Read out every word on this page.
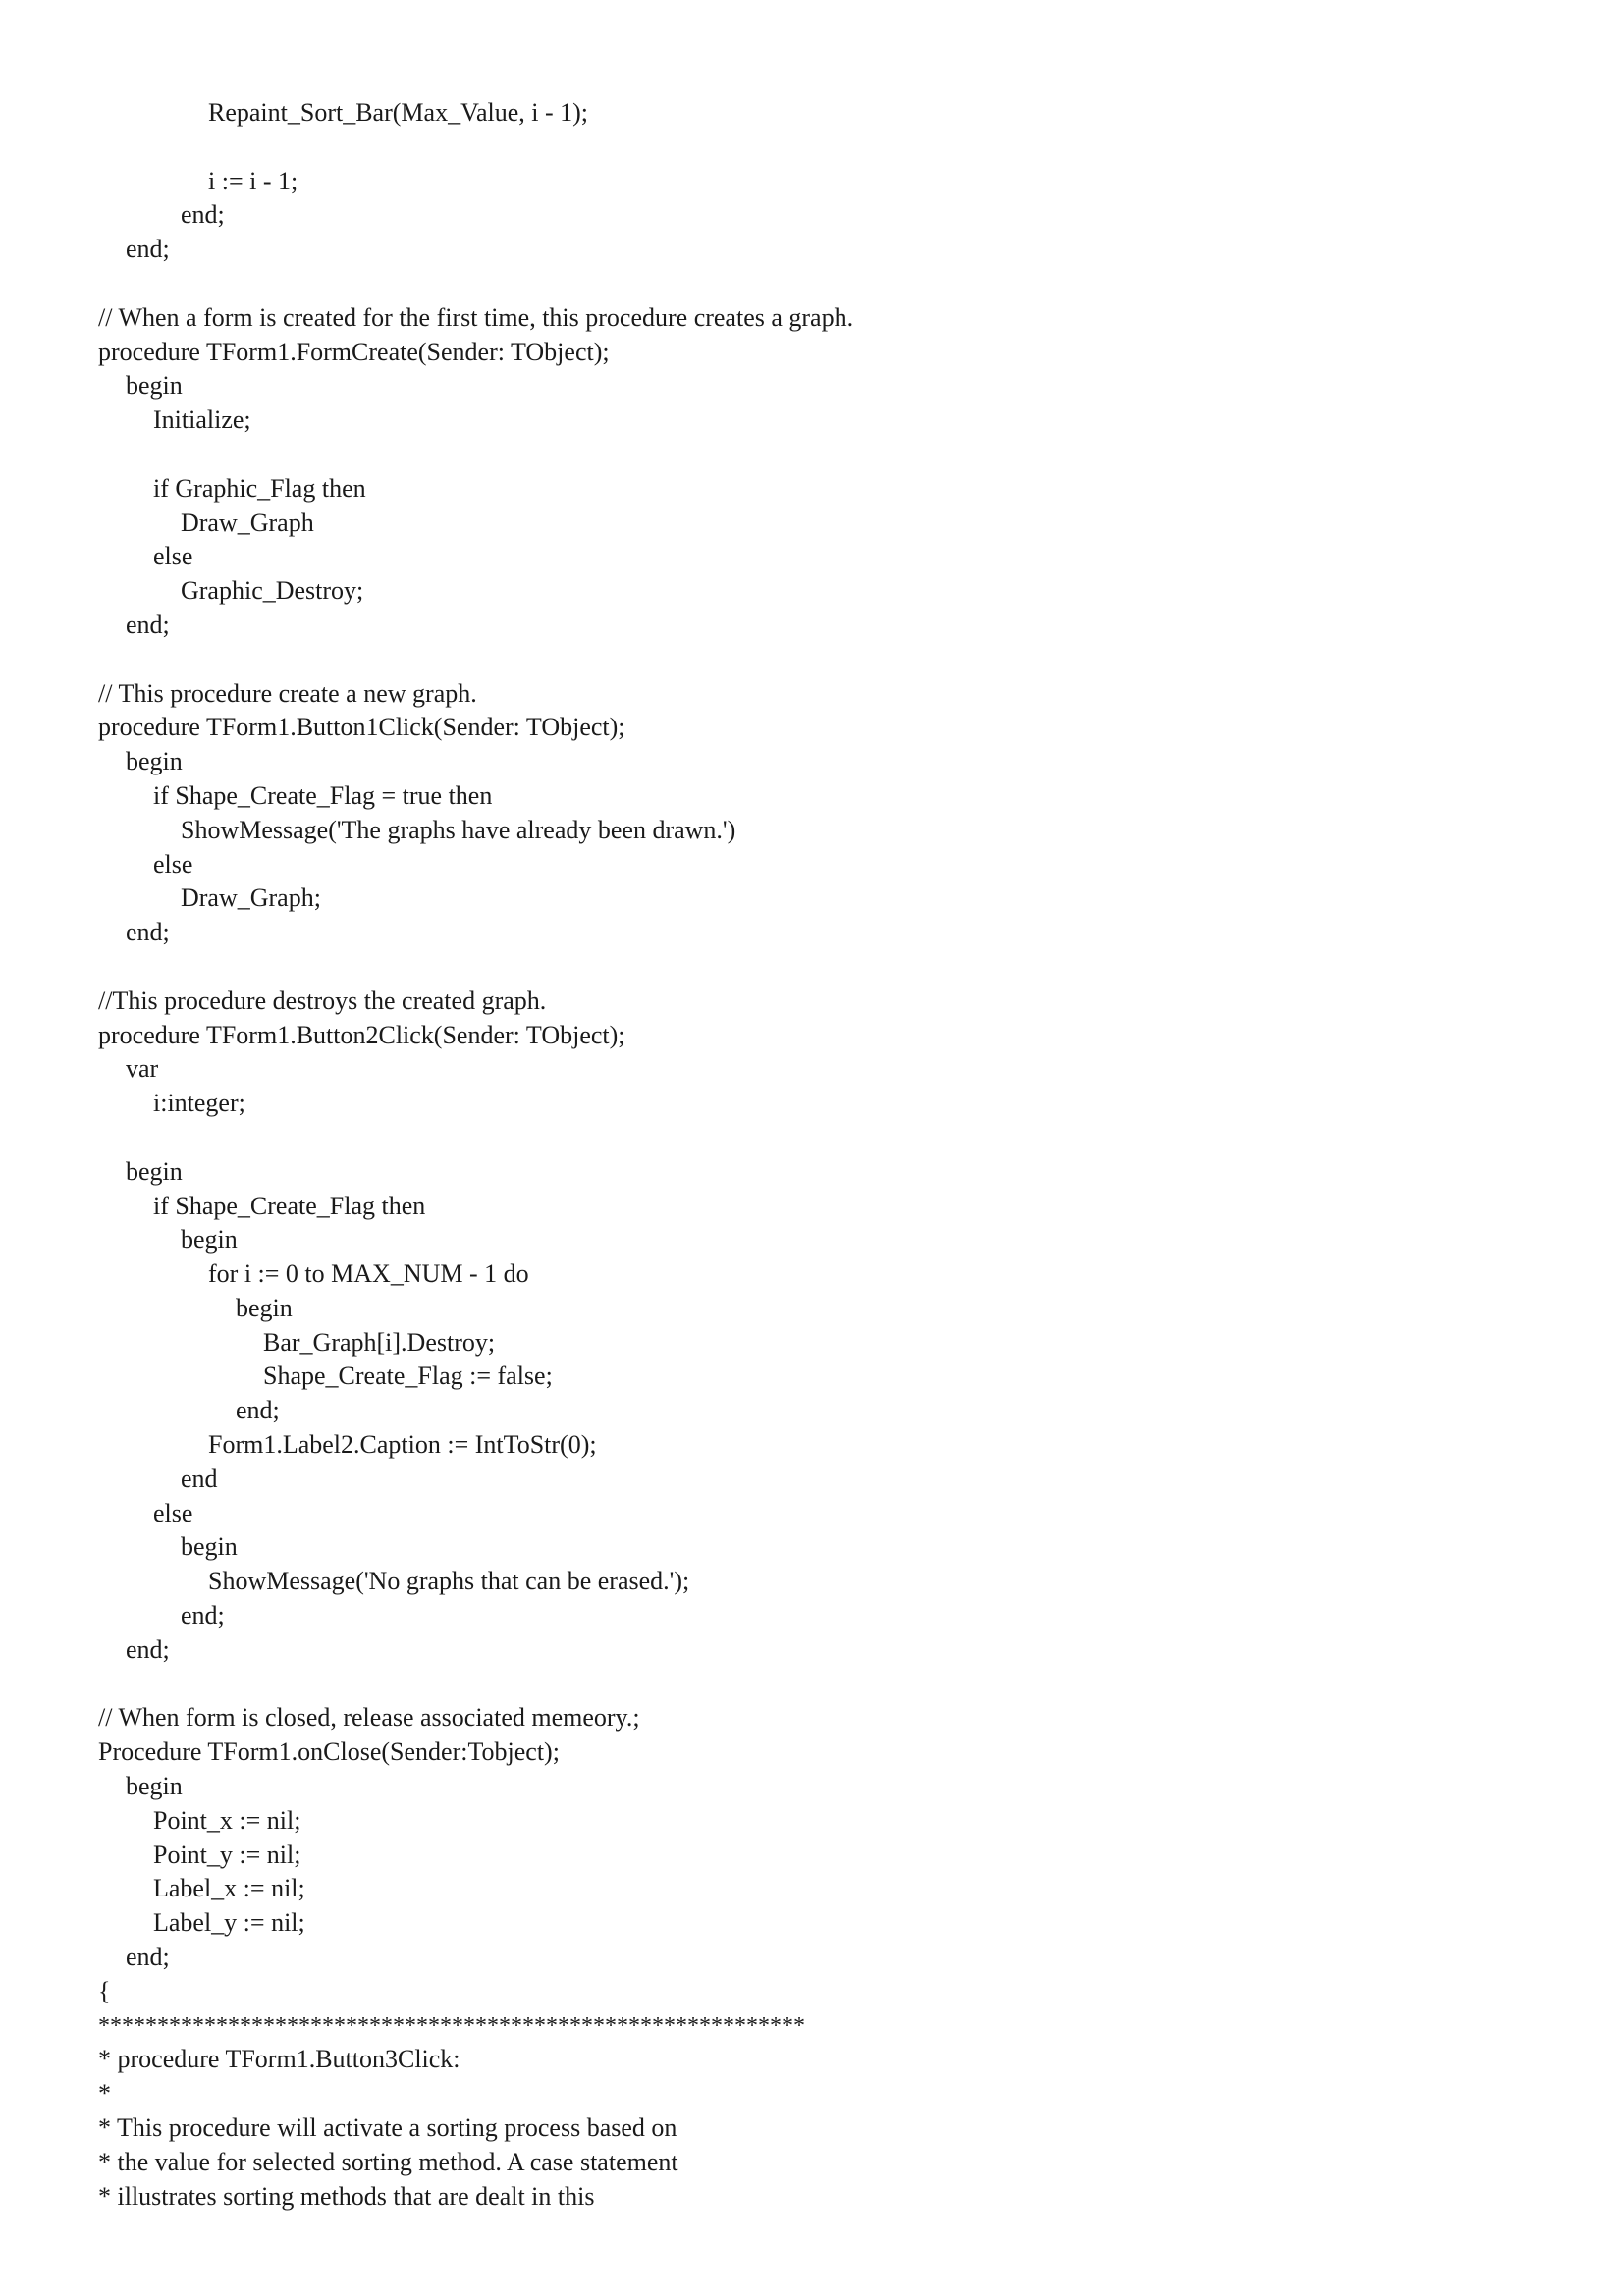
Repaint_Sort_Bar(Max_Value, i - 1);
i := i - 1;
end;
end;
// When a form is created for the first time, this procedure creates a graph.
procedure TForm1.FormCreate(Sender: TObject);
begin
Initialize;
if Graphic_Flag then
Draw_Graph
else
Graphic_Destroy;
end;
// This procedure create a new graph.
procedure TForm1.Button1Click(Sender: TObject);
begin
if Shape_Create_Flag = true then
ShowMessage('The graphs have already been drawn.')
else
Draw_Graph;
end;
//This procedure destroys the created graph.
procedure TForm1.Button2Click(Sender: TObject);
var
i:integer;
begin
if Shape_Create_Flag then
begin
for i := 0 to MAX_NUM - 1 do
begin
Bar_Graph[i].Destroy;
Shape_Create_Flag := false;
end;
Form1.Label2.Caption := IntToStr(0);
end
else
begin
ShowMessage('No graphs that can be erased.');
end;
end;
// When form is closed, release associated memeory.;
Procedure TForm1.onClose(Sender:Tobject);
begin
Point_x := nil;
Point_y := nil;
Label_x := nil;
Label_y := nil;
end;
{
************************************************************
* procedure TForm1.Button3Click:
*
* This procedure will activate a sorting process based on
* the value for selected sorting method. A case statement
* illustrates sorting methods that are dealt in this
